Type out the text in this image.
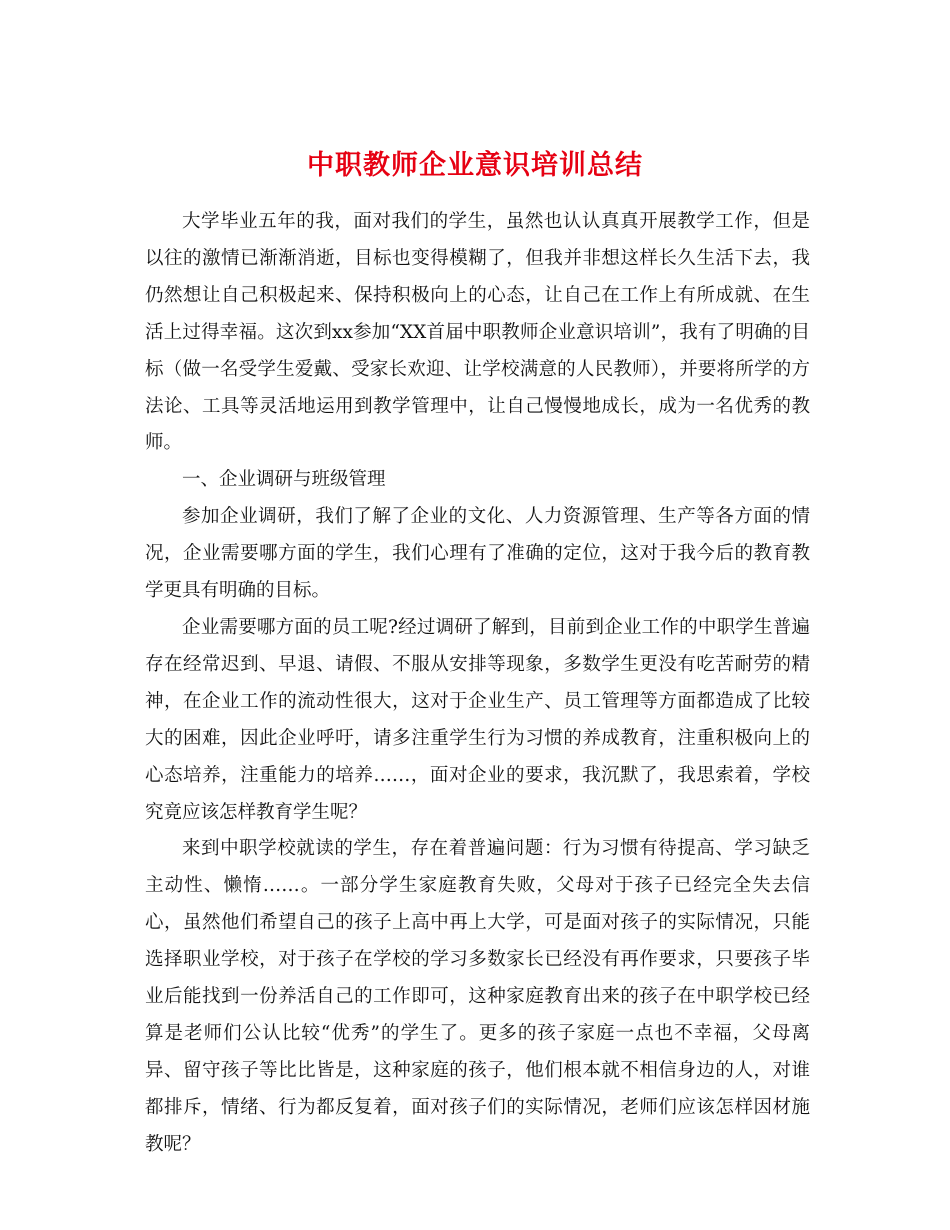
中职教师企业意识培训总结

大学毕业五年的我，面对我们的学生，虽然也认认真真开展教学工作，但是以往的激情已渐渐消逝，目标也变得模糊了，但我并非想这样长久生活下去，我仍然想让自己积极起来、保持积极向上的心态，让自己在工作上有所成就、在生活上过得幸福。这次到xx参加“XX首届中职教师企业意识培训”，我有了明确的目标（做一名受学生爱戴、受家长欢迎、让学校满意的人民教师），并要将所学的方法论、工具等灵活地运用到教学管理中，让自己慢慢地成长，成为一名优秀的教师。

一、企业调研与班级管理

参加企业调研，我们了解了企业的文化、人力资源管理、生产等各方面的情况，企业需要哪方面的学生，我们心理有了准确的定位，这对于我今后的教育教学更具有明确的目标。

企业需要哪方面的员工呢?经过调研了解到，目前到企业工作的中职学生普遍存在经常迟到、早退、请假、不服从安排等现象，多数学生更没有吃苦耐劳的精神，在企业工作的流动性很大，这对于企业生产、员工管理等方面都造成了比较大的困难，因此企业呼吁，请多注重学生行为习惯的养成教育，注重积极向上的心态培养，注重能力的培养……，面对企业的要求，我沉默了，我思索着，学校究竟应该怎样教育学生呢？

来到中职学校就读的学生，存在着普遍问题：行为习惯有待提高、学习缺乏主动性、懒惰……。一部分学生家庭教育失败，父母对于孩子已经完全失去信心，虽然他们希望自己的孩子上高中再上大学，可是面对孩子的实际情况，只能选择职业学校，对于孩子在学校的学习多数家长已经没有再作要求，只要孩子毕业后能找到一份养活自己的工作即可，这种家庭教育出来的孩子在中职学校已经算是老师们公认比较“优秀”的学生了。更多的孩子家庭一点也不幸福，父母离异、留守孩子等比比皆是，这种家庭的孩子，他们根本就不相信身边的人，对谁都排斥，情绪、行为都反复着，面对孩子们的实际情况，老师们应该怎样因材施教呢？
